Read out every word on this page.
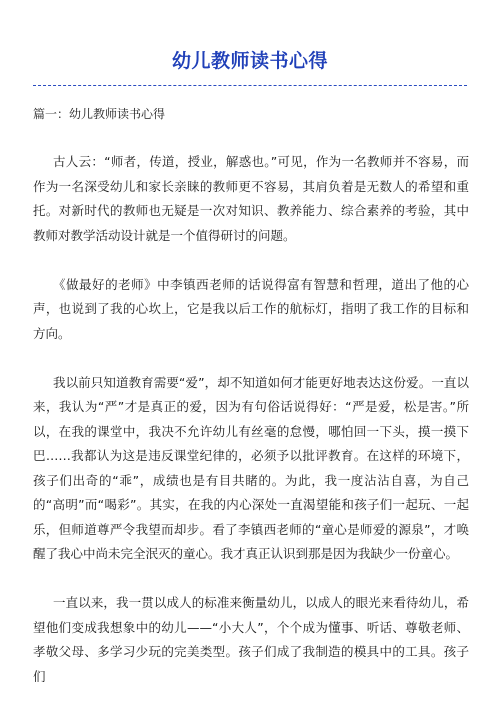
幼儿教师读书心得
篇一：幼儿教师读书心得

古人云：“师者，传道，授业，解惑也。”可见，作为一名教师并不容易，而作为一名深受幼儿和家长亲睐的教师更不容易，其肩负着是无数人的希望和重托。对新时代的教师也无疑是一次对知识、教养能力、综合素养的考验，其中教师对教学活动设计就是一个值得研讨的问题。

《做最好的老师》中李镇西老师的话说得富有智慧和哲理，道出了他的心声，也说到了我的心坎上，它是我以后工作的航标灯，指明了我工作的目标和方向。

我以前只知道教育需要“爱”，却不知道如何才能更好地表达这份爱。一直以来，我认为“严”才是真正的爱，因为有句俗话说得好：“严是爱，松是害。”所以，在我的课堂中，我决不允许幼儿有丝毫的怠慢，哪怕回一下头，摸一摸下巴……我都认为这是违反课堂纪律的，必须予以批评教育。在这样的环境下，孩子们出奇的“乖”，成绩也是有目共睹的。为此，我一度沾沾自喜，为自己的“高明”而“喝彩”。其实，在我的内心深处一直渴望能和孩子们一起玩、一起乐，但师道尊严令我望而却步。看了李镇西老师的“童心是师爱的源泉”，才唤醒了我心中尚未完全泯灭的童心。我才真正认识到那是因为我缺少一份童心。

一直以来，我一贯以成人的标准来衡量幼儿，以成人的眼光来看待幼儿，希望他们变成我想象中的幼儿——“小大人”，个个成为懂事、听话、尊敬老师、孝敬父母、多学习少玩的完美类型。孩子们成了我制造的模具中的工具。孩子们
